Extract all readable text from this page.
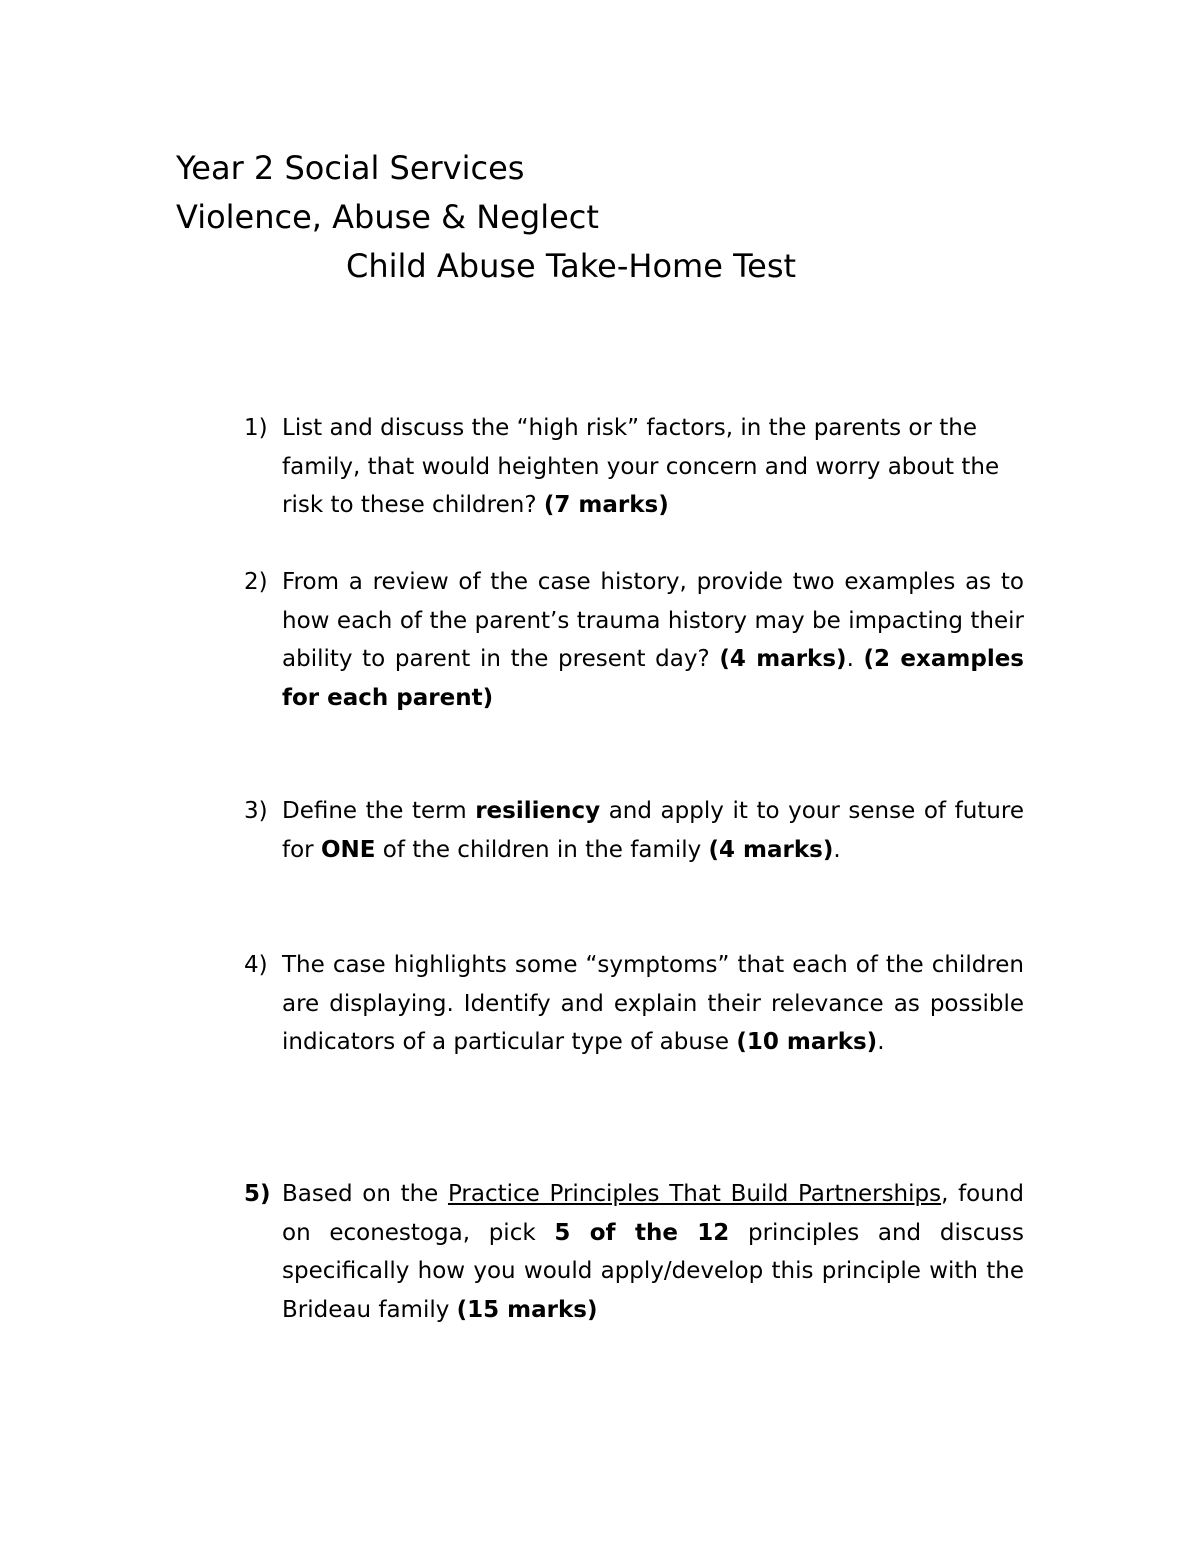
Year 2 Social Services
Violence, Abuse & Neglect
Child Abuse Take-Home Test
1) List and discuss the “high risk” factors, in the parents or the family, that would heighten your concern and worry about the risk to these children? (7 marks)
2) From a review of the case history, provide two examples as to how each of the parent’s trauma history may be impacting their ability to parent in the present day? (4 marks). (2 examples for each parent)
3) Define the term resiliency and apply it to your sense of future for ONE of the children in the family (4 marks).
4) The case highlights some “symptoms” that each of the children are displaying. Identify and explain their relevance as possible indicators of a particular type of abuse (10 marks).
5) Based on the Practice Principles That Build Partnerships, found on econestoga, pick 5 of the 12 principles and discuss specifically how you would apply/develop this principle with the Brideau family (15 marks)
